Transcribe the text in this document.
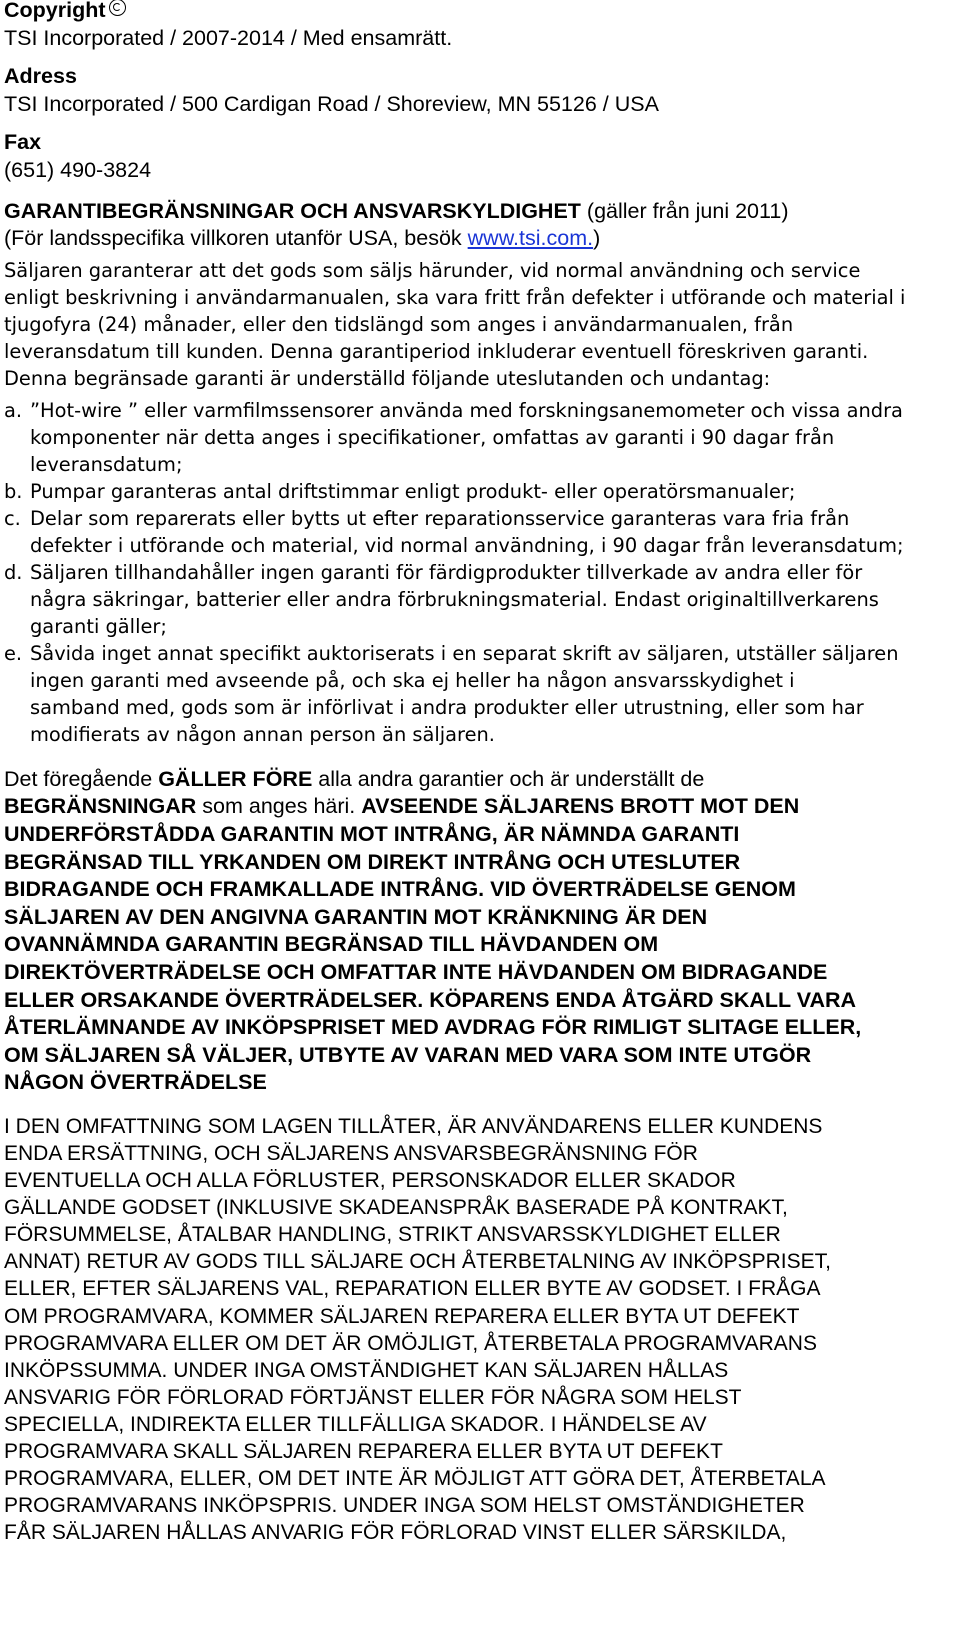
Copyright
TSI Incorporated / 2007-2014 / Med ensamrätt.
Adress
TSI Incorporated / 500 Cardigan Road / Shoreview, MN 55126 / USA
Fax
(651) 490-3824
GARANTIBEGRÄNSNINGAR OCH ANSVARSKYLDIGHET (gäller från juni 2011)
(För landsspecifika villkoren utanför USA, besök www.tsi.com.)
Säljaren garanterar att det gods som säljs härunder, vid normal användning och service
enligt beskrivning i användarmanualen, ska vara fritt från defekter i utförande och material i
tjugofyra (24) månader, eller den tidslängd som anges i användarmanualen, från
leveransdatum till kunden. Denna garantiperiod inkluderar eventuell föreskriven garanti.
Denna begränsade garanti är underställd följande uteslutanden och undantag:
a. ”Hot-wire ” eller varmfilmssensorer använda med forskningsanemometer och vissa andra
komponenter när detta anges i specifikationer, omfattas av garanti i 90 dagar från
leveransdatum;
b. Pumpar garanteras antal driftstimmar enligt produkt- eller operatörsmanualer;
c. Delar som reparerats eller bytts ut efter reparationsservice garanteras vara fria från
defekter i utförande och material, vid normal användning, i 90 dagar från leveransdatum;
d. Säljaren tillhandahåller ingen garanti för färdigprodukter tillverkade av andra eller för
några säkringar, batterier eller andra förbrukningsmaterial. Endast originaltillverkarens
garanti gäller;
e. Såvida inget annat specifikt auktoriserats i en separat skrift av säljaren, utställer säljaren
ingen garanti med avseende på, och ska ej heller ha någon ansvarsskydighet i
samband med, gods som är införlivat i andra produkter eller utrustning, eller som har
modifierats av någon annan person än säljaren.
Det föregående GÄLLER FÖRE alla andra garantier och är underställt de
BEGRÄNSNINGAR som anges häri. AVSEENDE SÄLJARENS BROTT MOT DEN
UNDERFÖRSTÅDDA GARANTIN MOT INTRÅNG, ÄR NÄMNDA GARANTI
BEGRÄNSAD TILL YRKANDEN OM DIREKT INTRÅNG OCH UTESLUTER
BIDRAGANDE OCH FRAMKALLADE INTRÅNG. VID ÖVERTRÄDELSE GENOM
SÄLJAREN AV DEN ANGIVNA GARANTIN MOT KRÄNKNING ÄR DEN
OVANNÄMNDA GARANTIN BEGRÄNSAD TILL HÄVDANDEN OM
DIREKTÖVERTRÄDELSE OCH OMFATTAR INTE HÄVDANDEN OM BIDRAGANDE
ELLER ORSAKANDE ÖVERTRÄDELSER. KÖPARENS ENDA ÅTGÄRD SKALL VARA
ÅTERLÄMNANDE AV INKÖPSPRISET MED AVDRAG FÖR RIMLIGT SLITAGE ELLER,
OM SÄLJAREN SÅ VÄLJER, UTBYTE AV VARAN MED VARA SOM INTE UTGÖR
NÅGON ÖVERTRÄDELSE
I DEN OMFATTNING SOM LAGEN TILLÅTER, ÄR ANVÄNDARENS ELLER KUNDENS
ENDA ERSÄTTNING, OCH SÄLJARENS ANSVARSBEGRÄNSNING FÖR
EVENTUELLA OCH ALLA FÖRLUSTER, PERSONSKADOR ELLER SKADOR
GÄLLANDE GODSET (INKLUSIVE SKADEANSPRÅK BASERADE PÅ KONTRAKT,
FÖRSUMMELSE, ÅTALBAR HANDLING, STRIKT ANSVARSSKYLDIGHET ELLER
ANNAT) RETUR AV GODS TILL SÄLJARE OCH ÅTERBETALNING AV INKÖPSPRISET,
ELLER, EFTER SÄLJARENS VAL, REPARATION ELLER BYTE AV GODSET. I FRÅGA
OM PROGRAMVARA, KOMMER SÄLJAREN REPARERA ELLER BYTA UT DEFEKT
PROGRAMVARA ELLER OM DET ÄR OMÖJLIGT, ÅTERBETALA PROGRAMVARANS
INKÖPSSUMMA. UNDER INGA OMSTÄNDIGHET KAN SÄLJAREN HÅLLAS
ANSVARIG FÖR FÖRLORAD FÖRTJÄNST ELLER FÖR NÅGRA SOM HELST
SPECIELLA, INDIREKTA ELLER TILLFÄLLIGA SKADOR. I HÄNDELSE AV
PROGRAMVARA SKALL SÄLJAREN REPARERA ELLER BYTA UT DEFEKT
PROGRAMVARA, ELLER, OM DET INTE ÄR MÖJLIGT ATT GÖRA DET, ÅTERBETALA
PROGRAMVARANS INKÖPSPRIS. UNDER INGA SOM HELST OMSTÄNDIGHETER
FÅR SÄLJAREN HÅLLAS ANVARIG FÖR FÖRLORAD VINST ELLER SÄRSKILDA,
